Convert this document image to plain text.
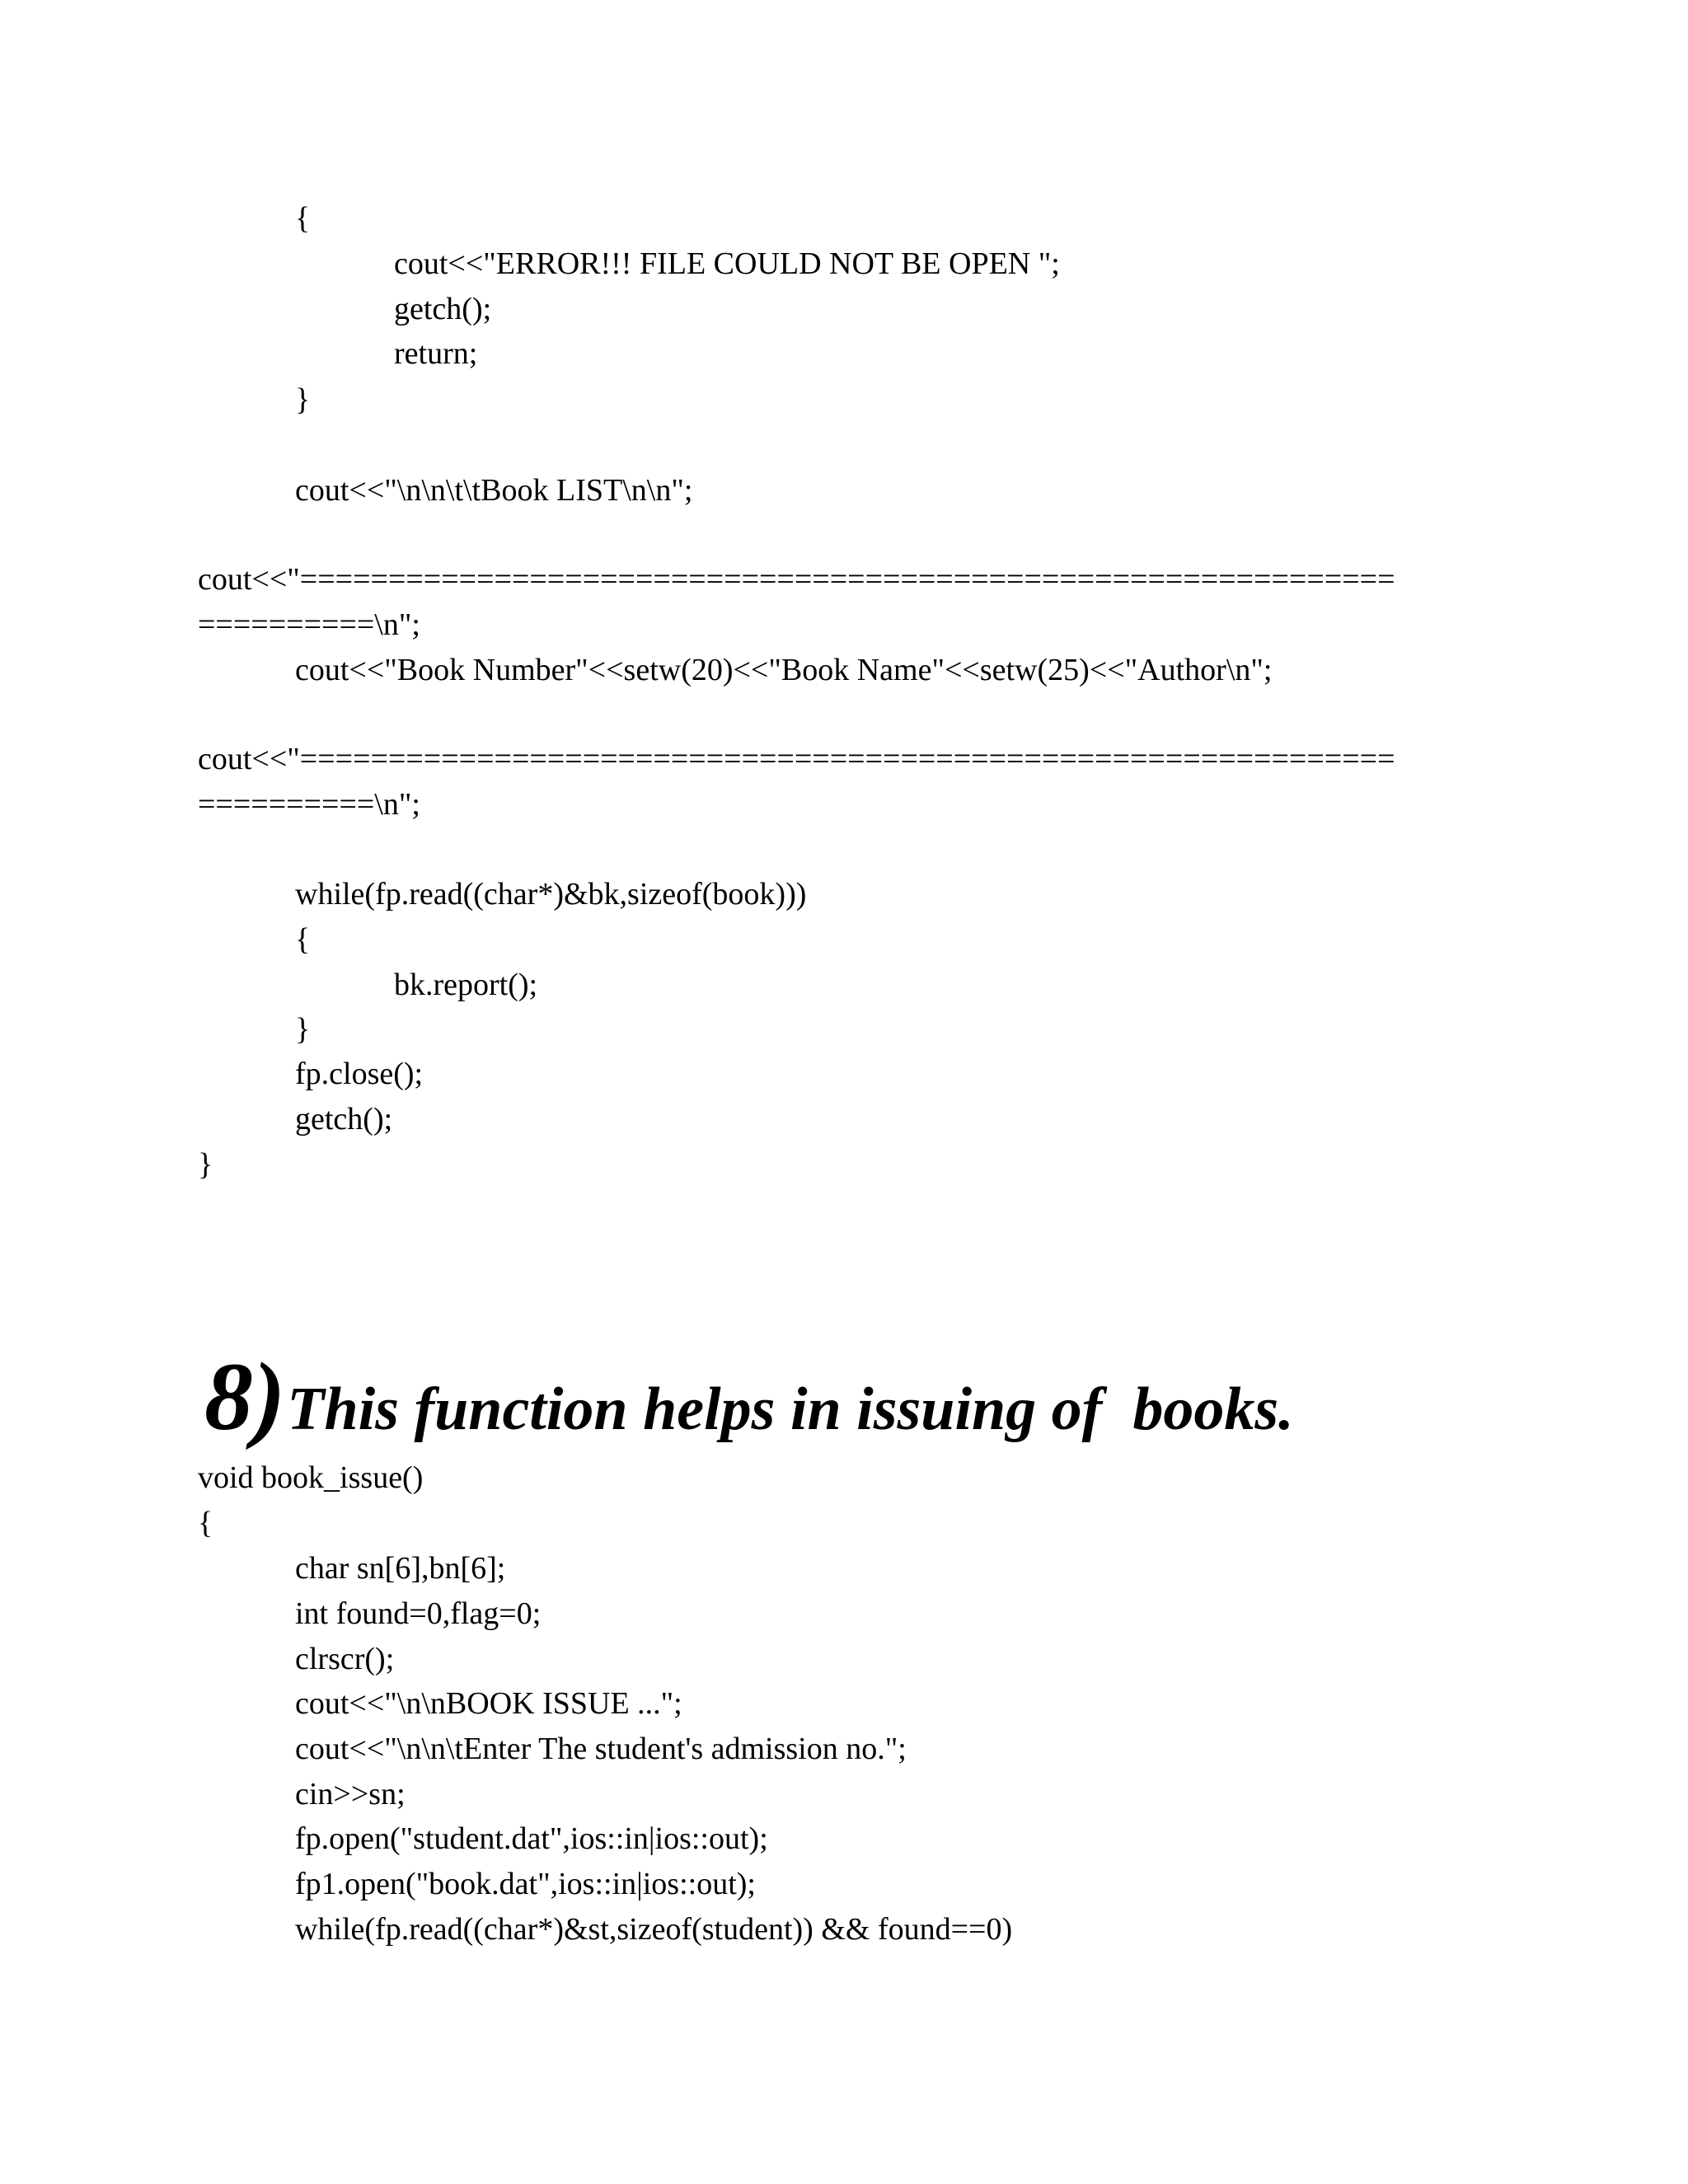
{
cout<<"ERROR!!! FILE COULD NOT BE OPEN ";
getch();
return;
}
cout<<"\n\n\t\tBook LIST\n\n";
cout<<"==============================================================
==========\n";
cout<<"Book Number"<<setw(20)<<"Book Name"<<setw(25)<<"Author\n";
cout<<"==============================================================
==========\n";
while(fp.read((char*)&bk,sizeof(book)))
{
bk.report();
}
fp.close();
getch();
}

8)This function helps in issuing of  books.

void book_issue()
{
char sn[6],bn[6];
int found=0,flag=0;
clrscr();
cout<<"\n\nBOOK ISSUE ...";
cout<<"\n\n\tEnter The student's admission no.";
cin>>sn;
fp.open("student.dat",ios::in|ios::out);
fp1.open("book.dat",ios::in|ios::out);
while(fp.read((char*)&st,sizeof(student)) && found==0)
